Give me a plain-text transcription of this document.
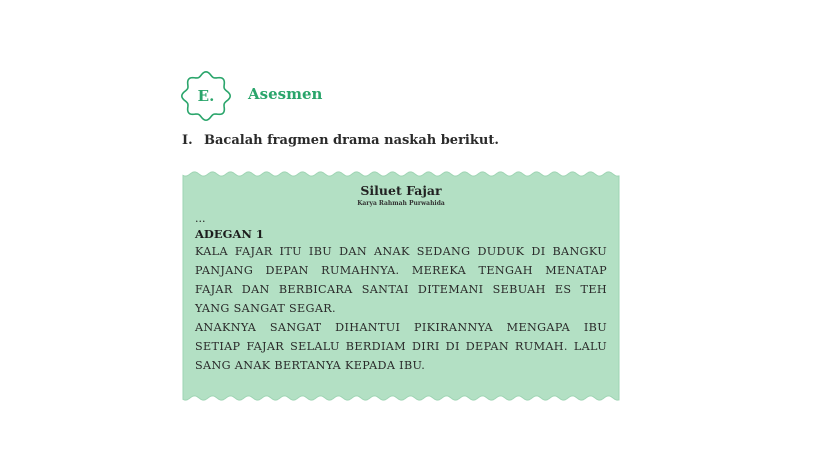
E.	Asesmen
I. Bacalah fragmen drama naskah berikut.
Siluet Fajar
Karya Rahmah Purwahida
...
ADEGAN 1
KALA FAJAR ITU IBU DAN ANAK SEDANG DUDUK DI BANGKU
PANJANG DEPAN RUMAHNYA. MEREKA TENGAH MENATAP
FAJAR DAN BERBICARA SANTAI DITEMANI SEBUAH ES TEH
YANG SANGAT SEGAR.
ANAKNYA SANGAT DIHANTUI PIKIRANNYA MENGAPA IBU
SETIAP FAJAR SELALU BERDIAM DIRI DI DEPAN RUMAH. LALU
SANG ANAK BERTANYA KEPADA IBU.
